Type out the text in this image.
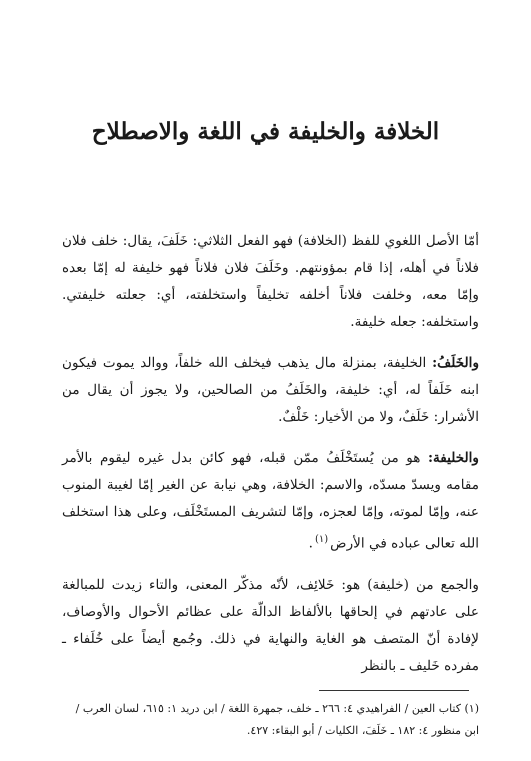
الخلافة والخليفة في اللغة والاصطلاح

أمّا الأصل اللغوي للفظ (الخلافة) فهو الفعل الثلاثي: خَلَفَ، يقال: خلف فلان فلاناً في أهله، إذا قام بمؤونتهم. وخَلَفَ فلان فلاناً فهو خليفة له إمّا بعده وإمّا معه، وخلفت فلاناً أخلفه تخليفاً واستخلفته، أي: جعلته خليفتي. واستخلفه: جعله خليفة.

والخَلَفُ: الخليفة، بمنزلة مال يذهب فيخلف الله خلفاً، ووالد يموت فيكون ابنه خَلَفاً له، أي: خليفة، والخَلَفُ من الصالحين، ولا يجوز أن يقال من الأشرار: خَلَفٌ، ولا من الأخيار: خَلْفٌ.

والخليفة: هو من يُستَخْلَفُ ممّن قبله، فهو كائن بدل غيره ليقوم بالأمر مقامه ويسدّ مسدّه، والاسم: الخلافة، وهي نيابة عن الغير إمّا لغيبة المنوب عنه، وإمّا لموته، وإمّا لعجزه، وإمّا لتشريف المستَخْلَف، وعلى هذا استخلف الله تعالى عباده في الأرض$^{(١)}$.

والجمع من (خليفة) هو: خَلائِف، لأنّه مذكّر المعنى، والتاء زيدت للمبالغة على عادتهم في إلحاقها بالألفاظ الدالّة على عظائم الأحوال والأوصاف، لإفادة أنّ المتصف هو الغاية والنهاية في ذلك. وجُمع أيضاً على خُلَفاء ـ مفرده خَليف ـ بالنظر

(١) كتاب العين / الفراهيدي ٤: ٢٦٦ ـ خلف، جمهرة اللغة / ابن دريد ١: ٦١٥، لسان العرب / ابن منظور ٤: ١٨٢ ـ خَلَفَ، الكليات / أبو البقاء: ٤٢٧.
